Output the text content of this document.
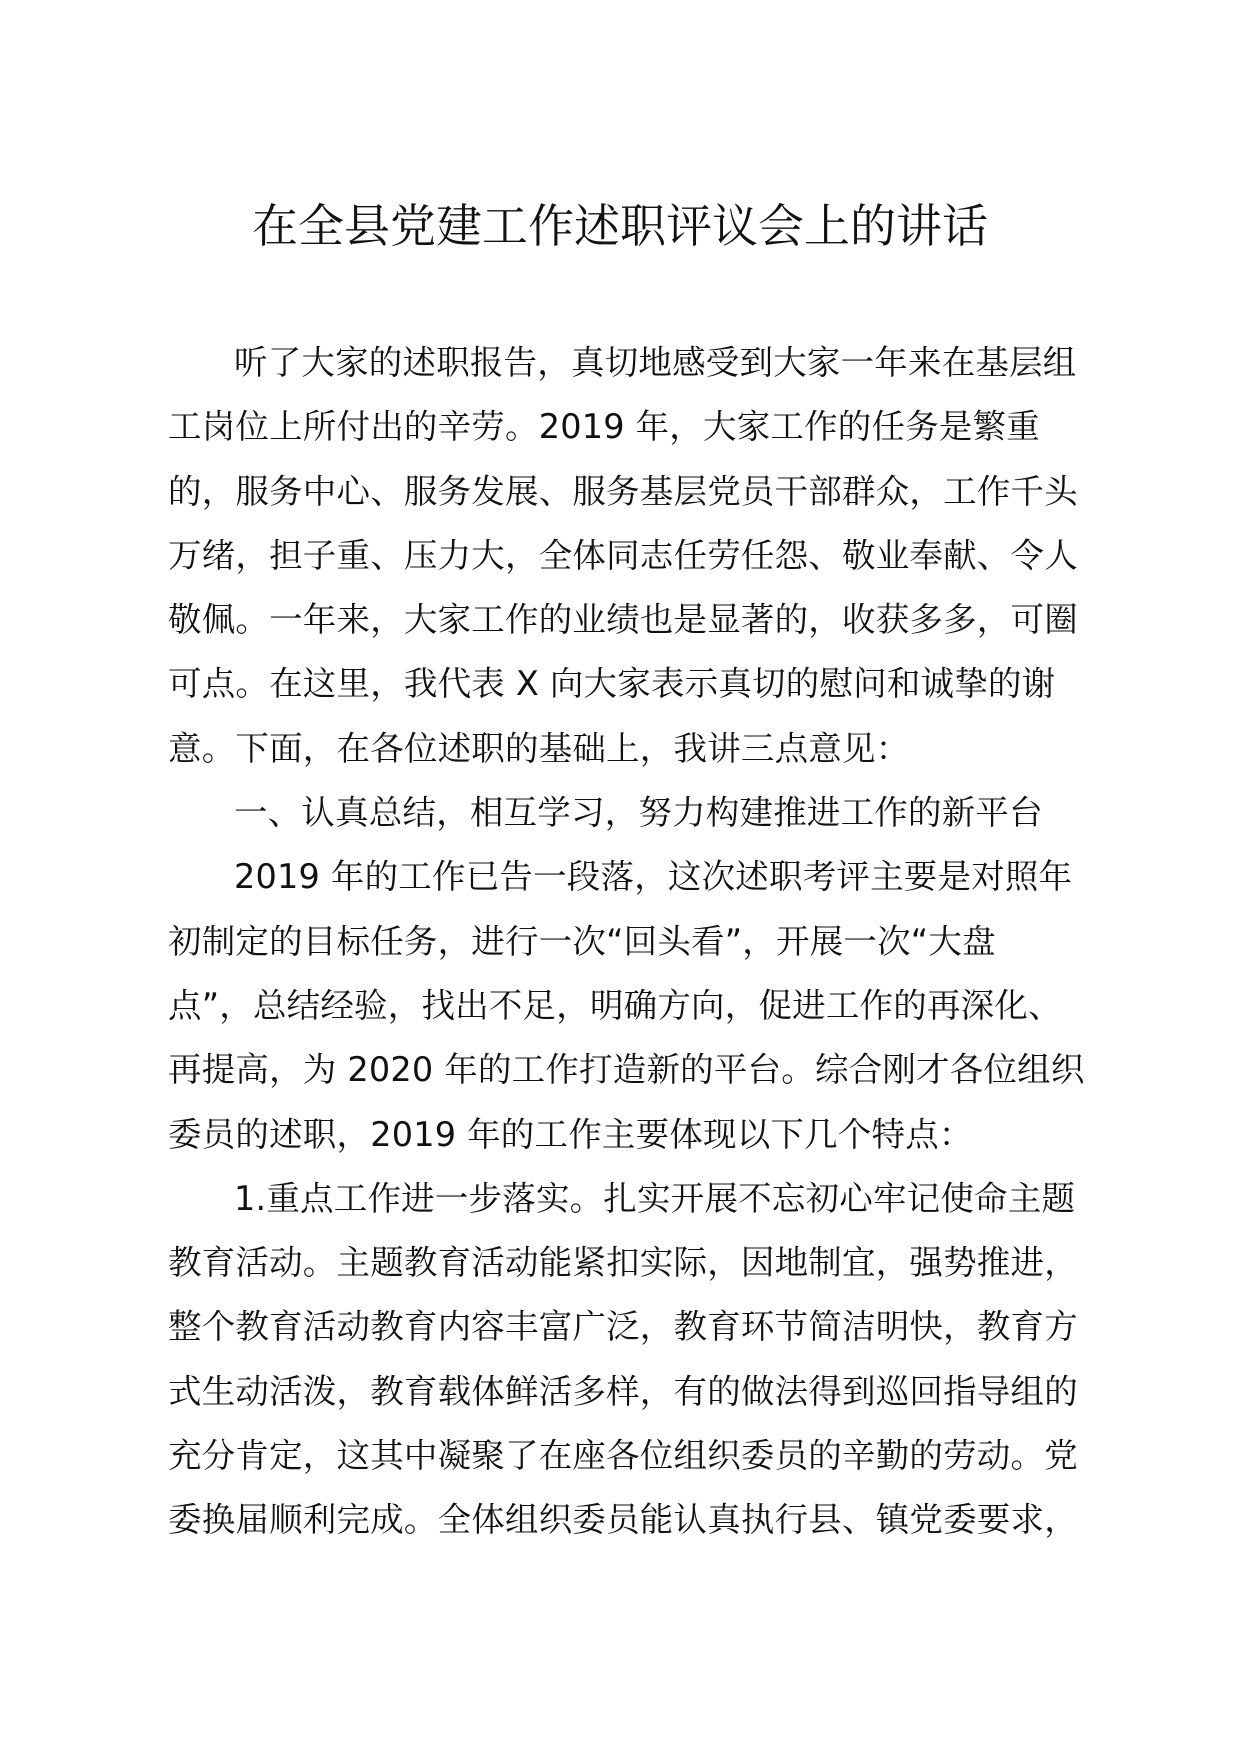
在全县党建工作述职评议会上的讲话
听了大家的述职报告，真切地感受到大家一年来在基层组
工岗位上所付出的辛劳。2019 年，大家工作的任务是繁重
的，服务中心、服务发展、服务基层党员干部群众，工作千头
万绪，担子重、压力大，全体同志任劳任怨、敬业奉献、令人
敬佩。一年来，大家工作的业绩也是显著的，收获多多，可圈
可点。在这里，我代表 X 向大家表示真切的慰问和诚挚的谢
意。下面，在各位述职的基础上，我讲三点意见：
一、认真总结，相互学习，努力构建推进工作的新平台
2019 年的工作已告一段落，这次述职考评主要是对照年
初制定的目标任务，进行一次“回头看”，开展一次“大盘
点”，总结经验，找出不足，明确方向，促进工作的再深化、
再提高，为 2020 年的工作打造新的平台。综合刚才各位组织
委员的述职，2019 年的工作主要体现以下几个特点：
1.重点工作进一步落实。扎实开展不忘初心牢记使命主题
教育活动。主题教育活动能紧扣实际，因地制宜，强势推进，
整个教育活动教育内容丰富广泛，教育环节简洁明快，教育方
式生动活泼，教育载体鲜活多样，有的做法得到巡回指导组的
充分肯定，这其中凝聚了在座各位组织委员的辛勤的劳动。党
委换届顺利完成。全体组织委员能认真执行县、镇党委要求，
